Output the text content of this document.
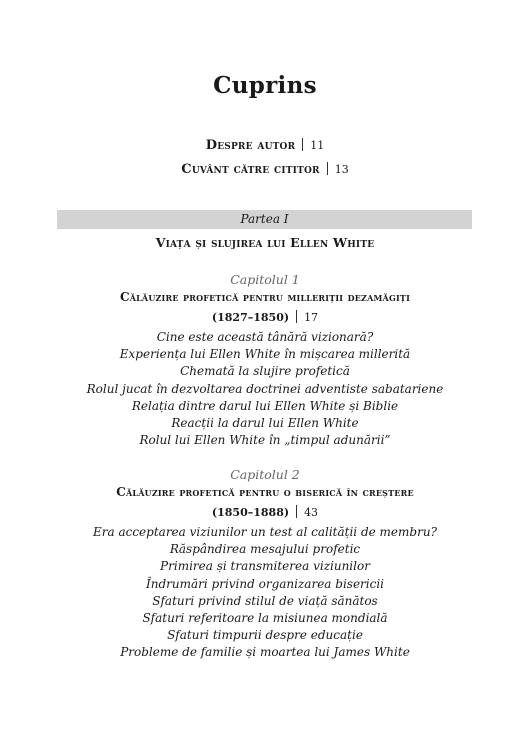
Cuprins
Despre autor 11
Cuvânt către cititor 13
Partea I
Viața și slujirea lui Ellen White
Capitolul 1
Călăuzire profetică pentru milleriții dezamăgiți
(1827–1850) 17
Cine este această tânără vizionară?
Experiența lui Ellen White în mișcarea millerită
Chemată la slujire profetică
Rolul jucat în dezvoltarea doctrinei adventiste sabatariene
Relația dintre darul lui Ellen White și Biblie
Reacții la darul lui Ellen White
Rolul lui Ellen White în „timpul adunării”
Capitolul 2
Călăuzire profetică pentru o biserică în creștere
(1850–1888) 43
Era acceptarea viziunilor un test al calității de membru?
Răspândirea mesajului profetic
Primirea și transmiterea viziunilor
Îndrumări privind organizarea bisericii
Sfaturi privind stilul de viață sănătos
Sfaturi referitoare la misiunea mondială
Sfaturi timpurii despre educație
Probleme de familie și moartea lui James White
